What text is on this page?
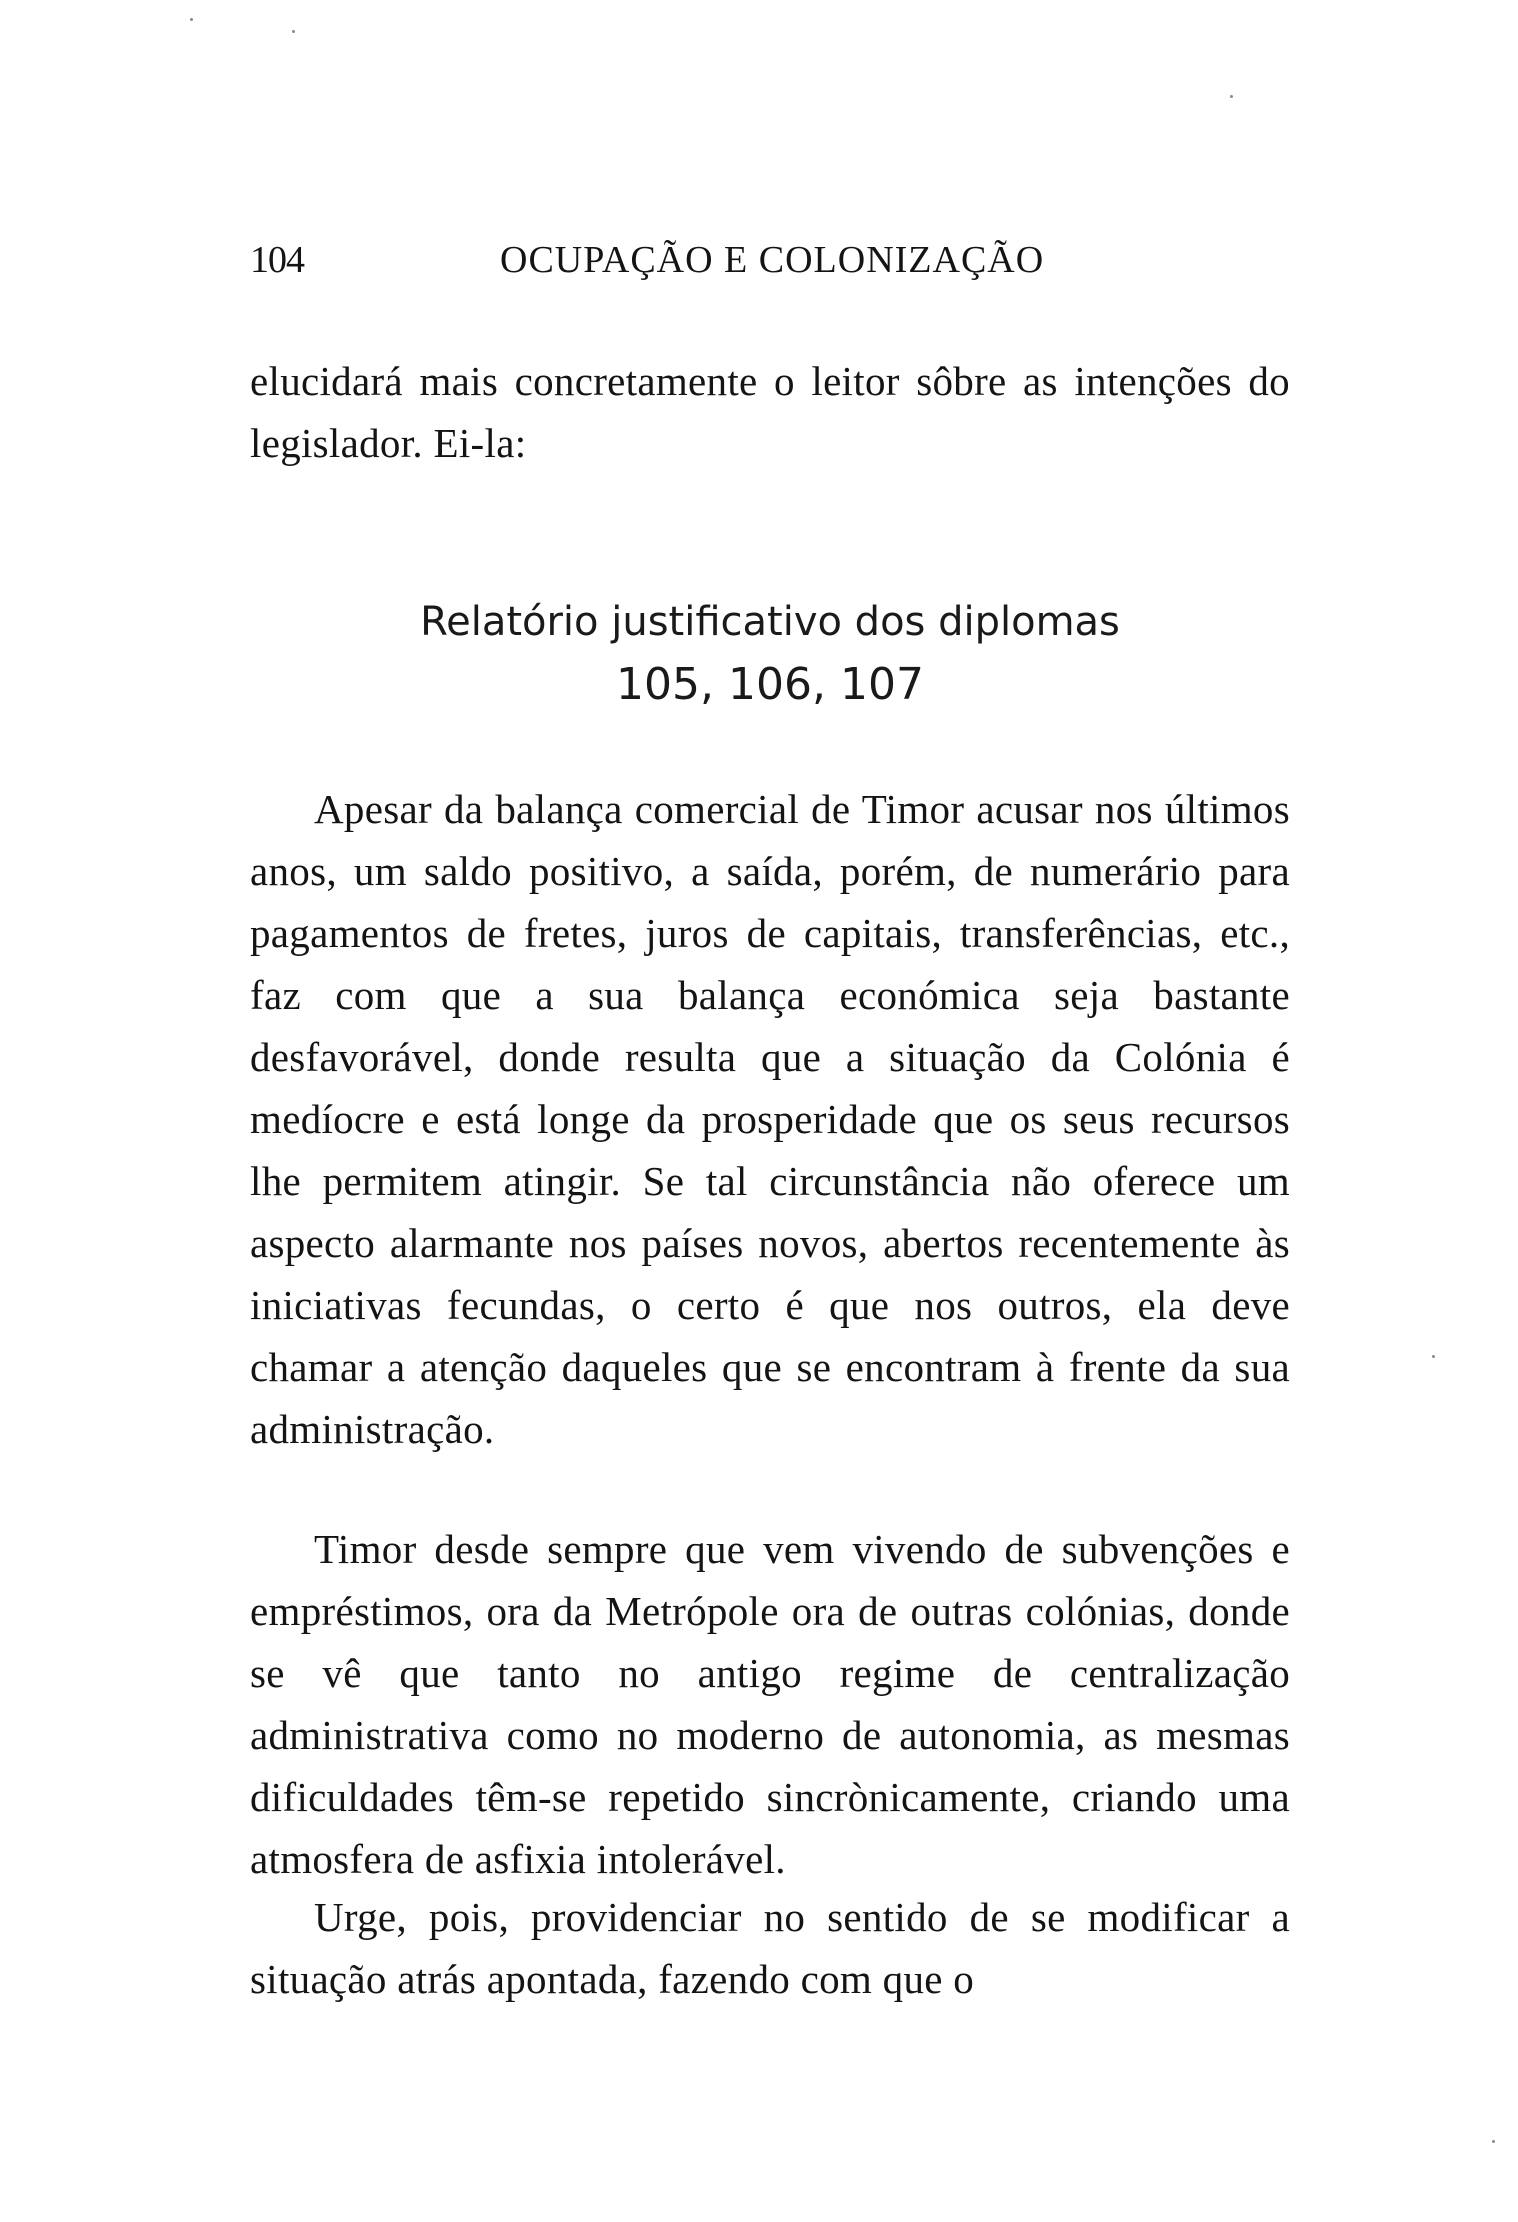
104	OCUPAÇÃO E COLONIZAÇÃO

elucidará mais concretamente o leitor sôbre as intenções do legislador. Ei-la:

Relatório justificativo dos diplomas
105, 106, 107

Apesar da balança comercial de Timor acusar nos últimos anos, um saldo positivo, a saída, porém, de numerário para pagamentos de fretes, juros de capitais, transferências, etc., faz com que a sua balança económica seja bastante desfavorável, donde resulta que a situação da Colónia é medíocre e está longe da prosperidade que os seus recursos lhe permitem atingir. Se tal circunstância não oferece um aspecto alarmante nos países novos, abertos recentemente às iniciativas fecundas, o certo é que nos outros, ela deve chamar a atenção daqueles que se encontram à frente da sua administração.

Timor desde sempre que vem vivendo de subvenções e empréstimos, ora da Metrópole ora de outras colónias, donde se vê que tanto no antigo regime de centralização administrativa como no moderno de autonomia, as mesmas dificuldades têm-se repetido sincrònicamente, criando uma atmosfera de asfixia intolerável.

Urge, pois, providenciar no sentido de se modificar a situação atrás apontada, fazendo com que o
